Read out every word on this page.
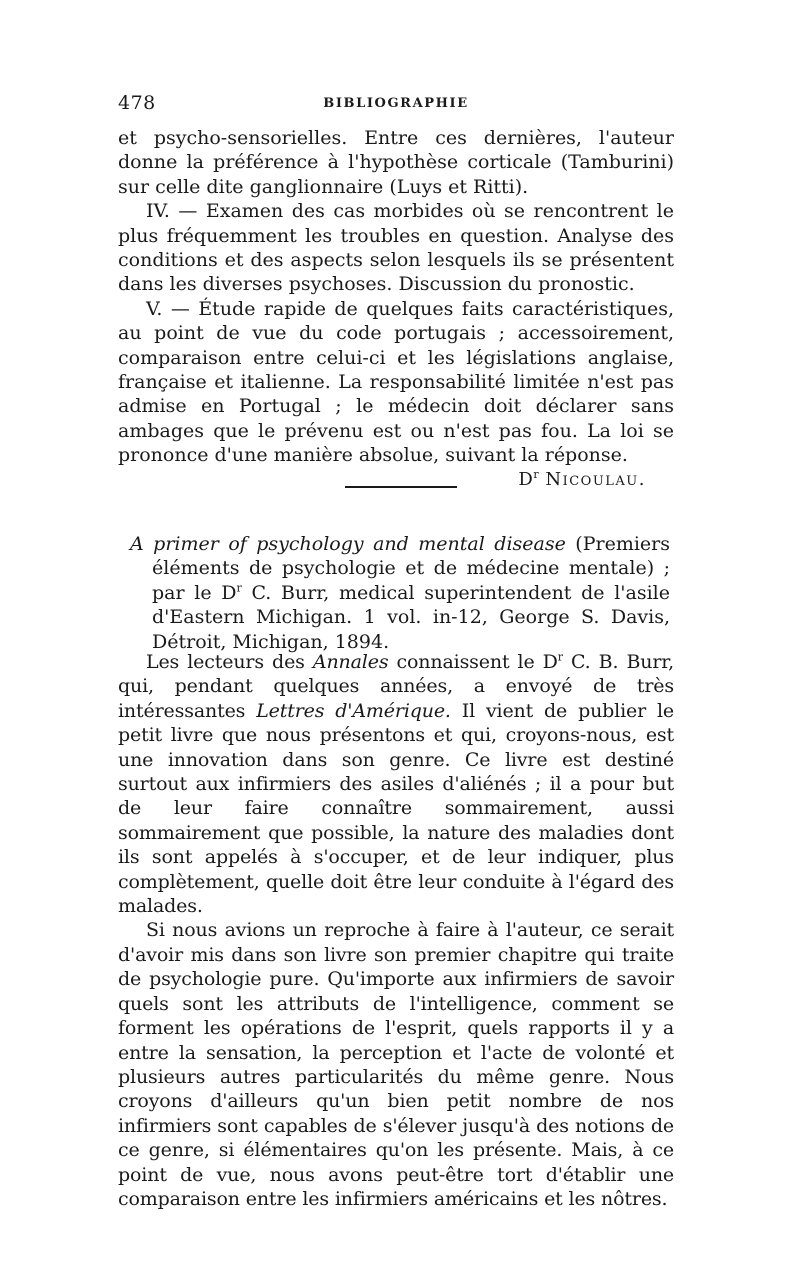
478	BIBLIOGRAPHIE

et psycho-sensorielles. Entre ces dernières, l'auteur donne la préférence à l'hypothèse corticale (Tamburini) sur celle dite ganglionnaire (Luys et Ritti).

IV. — Examen des cas morbides où se rencontrent le plus fréquemment les troubles en question. Analyse des conditions et des aspects selon lesquels ils se présentent dans les diverses psychoses. Discussion du pronostic.

V. — Étude rapide de quelques faits caractéristiques, au point de vue du code portugais ; accessoirement, comparaison entre celui-ci et les législations anglaise, française et italienne. La responsabilité limitée n'est pas admise en Portugal ; le médecin doit déclarer sans ambages que le prévenu est ou n'est pas fou. La loi se prononce d'une manière absolue, suivant la réponse.

$D^r$ Nicoulau.

A primer of psychology and mental disease (Premiers éléments de psychologie et de médecine mentale) ; par le $D^r$ C. Burr, medical superintendent de l'asile d'Eastern Michigan. 1 vol. in-12, George S. Davis, Détroit, Michigan, 1894.

Les lecteurs des Annales connaissent le $D^r$ C. B. Burr, qui, pendant quelques années, a envoyé de très intéressantes Lettres d'Amérique. Il vient de publier le petit livre que nous présentons et qui, croyons-nous, est une innovation dans son genre. Ce livre est destiné surtout aux infirmiers des asiles d'aliénés ; il a pour but de leur faire connaître sommairement, aussi sommairement que possible, la nature des maladies dont ils sont appelés à s'occuper, et de leur indiquer, plus complètement, quelle doit être leur conduite à l'égard des malades.

Si nous avions un reproche à faire à l'auteur, ce serait d'avoir mis dans son livre son premier chapitre qui traite de psychologie pure. Qu'importe aux infirmiers de savoir quels sont les attributs de l'intelligence, comment se forment les opérations de l'esprit, quels rapports il y a entre la sensation, la perception et l'acte de volonté et plusieurs autres particularités du même genre. Nous croyons d'ailleurs qu'un bien petit nombre de nos infirmiers sont capables de s'élever jusqu'à des notions de ce genre, si élémentaires qu'on les présente. Mais, à ce point de vue, nous avons peut-être tort d'établir une comparaison entre les infirmiers américains et les nôtres.
